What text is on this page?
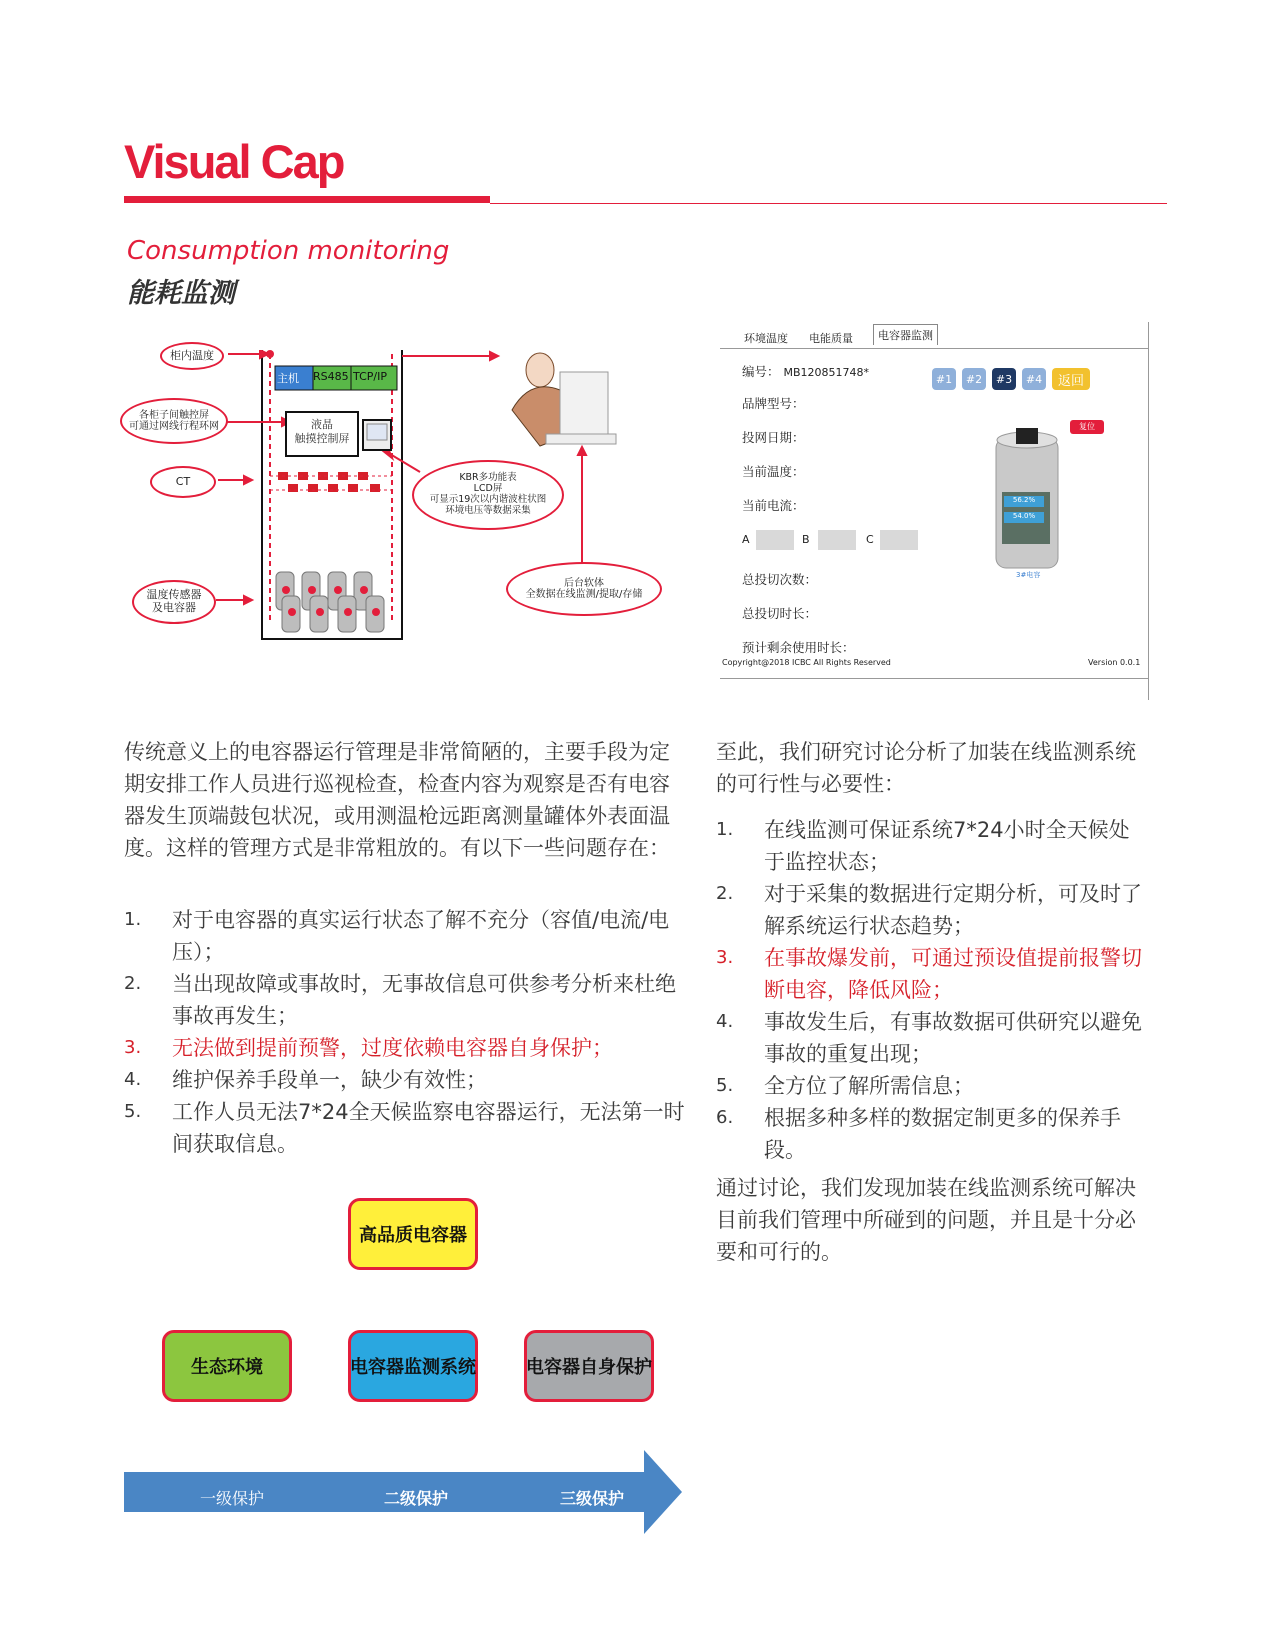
Visual Cap
Consumption monitoring
能耗监测
柜内温度
各柜子间触控屏
可通过网线行程环网
CT
温度传感器
及电容器
主机 RS485 TCP/IP
液晶
触摸控制屏
KBR多功能表
LCD屏
可显示19次以内谐波柱状图
环境电压等数据采集
后台软体
全数据在线监测/提取/存储
环境温度	电能质量	电容器监测
编号： MB120851748*	#1	#2	#3	#4	返回
品牌型号：
投网日期：
当前温度：
当前电流：
A	B	C
总投切次数：
总投切时长：
预计剩余使用时长：
复位
56.2%
54.0%
3#电容
Copyright@2018 ICBC All Rights Reserved	Version 0.0.1
传统意义上的电容器运行管理是非常简陋的，主要手段为定期安排工作人员进行巡视检查，检查内容为观察是否有电容器发生顶端鼓包状况，或用测温枪远距离测量罐体外表面温度。这样的管理方式是非常粗放的。有以下一些问题存在：
1. 对于电容器的真实运行状态了解不充分（容值/电流/电压）；
2. 当出现故障或事故时，无事故信息可供参考分析来杜绝事故再发生；
3. 无法做到提前预警，过度依赖电容器自身保护；
4. 维护保养手段单一，缺少有效性；
5. 工作人员无法7*24全天候监察电容器运行，无法第一时间获取信息。
至此，我们研究讨论分析了加装在线监测系统的可行性与必要性：
1. 在线监测可保证系统7*24小时全天候处于监控状态；
2. 对于采集的数据进行定期分析，可及时了解系统运行状态趋势；
3. 在事故爆发前，可通过预设值提前报警切断电容，降低风险；
4. 事故发生后，有事故数据可供研究以避免事故的重复出现；
5. 全方位了解所需信息；
6. 根据多种多样的数据定制更多的保养手段。
通过讨论，我们发现加装在线监测系统可解决目前我们管理中所碰到的问题，并且是十分必要和可行的。
高品质电容器
生态环境	电容器监测系统	电容器自身保护
一级保护	二级保护	三级保护
